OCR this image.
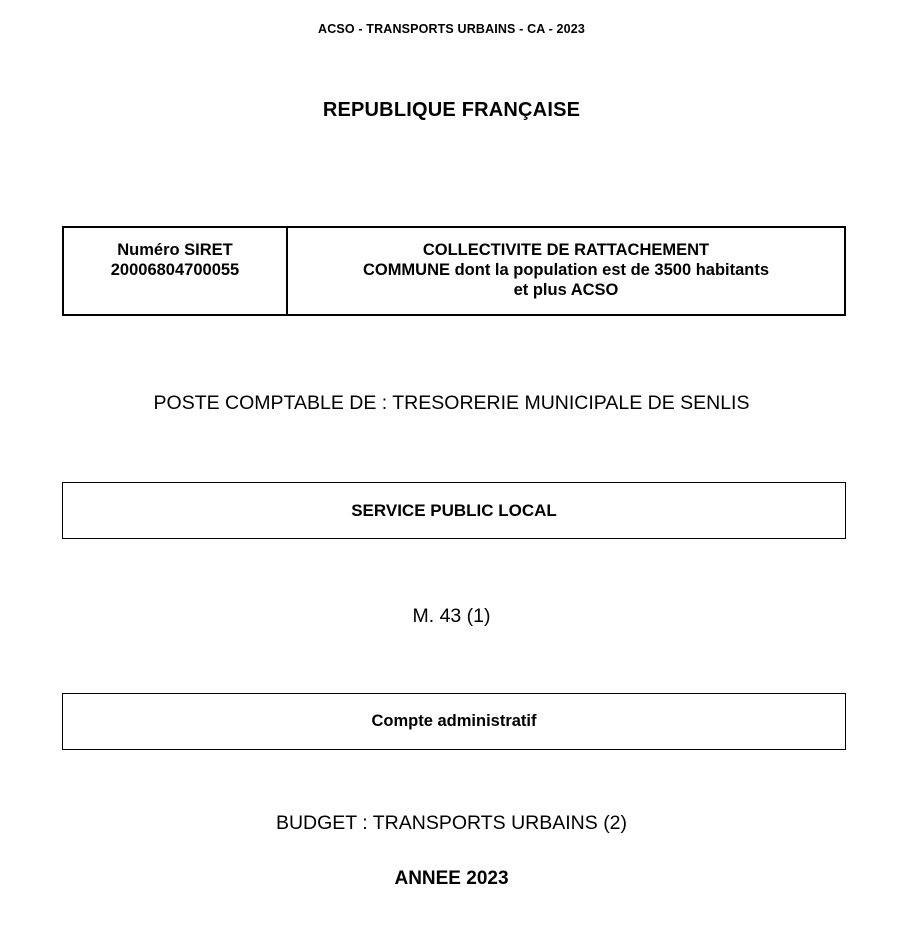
ACSO - TRANSPORTS URBAINS - CA - 2023
REPUBLIQUE FRANÇAISE
Numéro SIRET
20006804700055

COLLECTIVITE DE RATTACHEMENT
COMMUNE dont la population est de 3500 habitants
et plus ACSO
POSTE COMPTABLE DE : TRESORERIE MUNICIPALE DE SENLIS
SERVICE PUBLIC LOCAL
M. 43 (1)
Compte administratif
BUDGET : TRANSPORTS URBAINS (2)
ANNEE 2023
